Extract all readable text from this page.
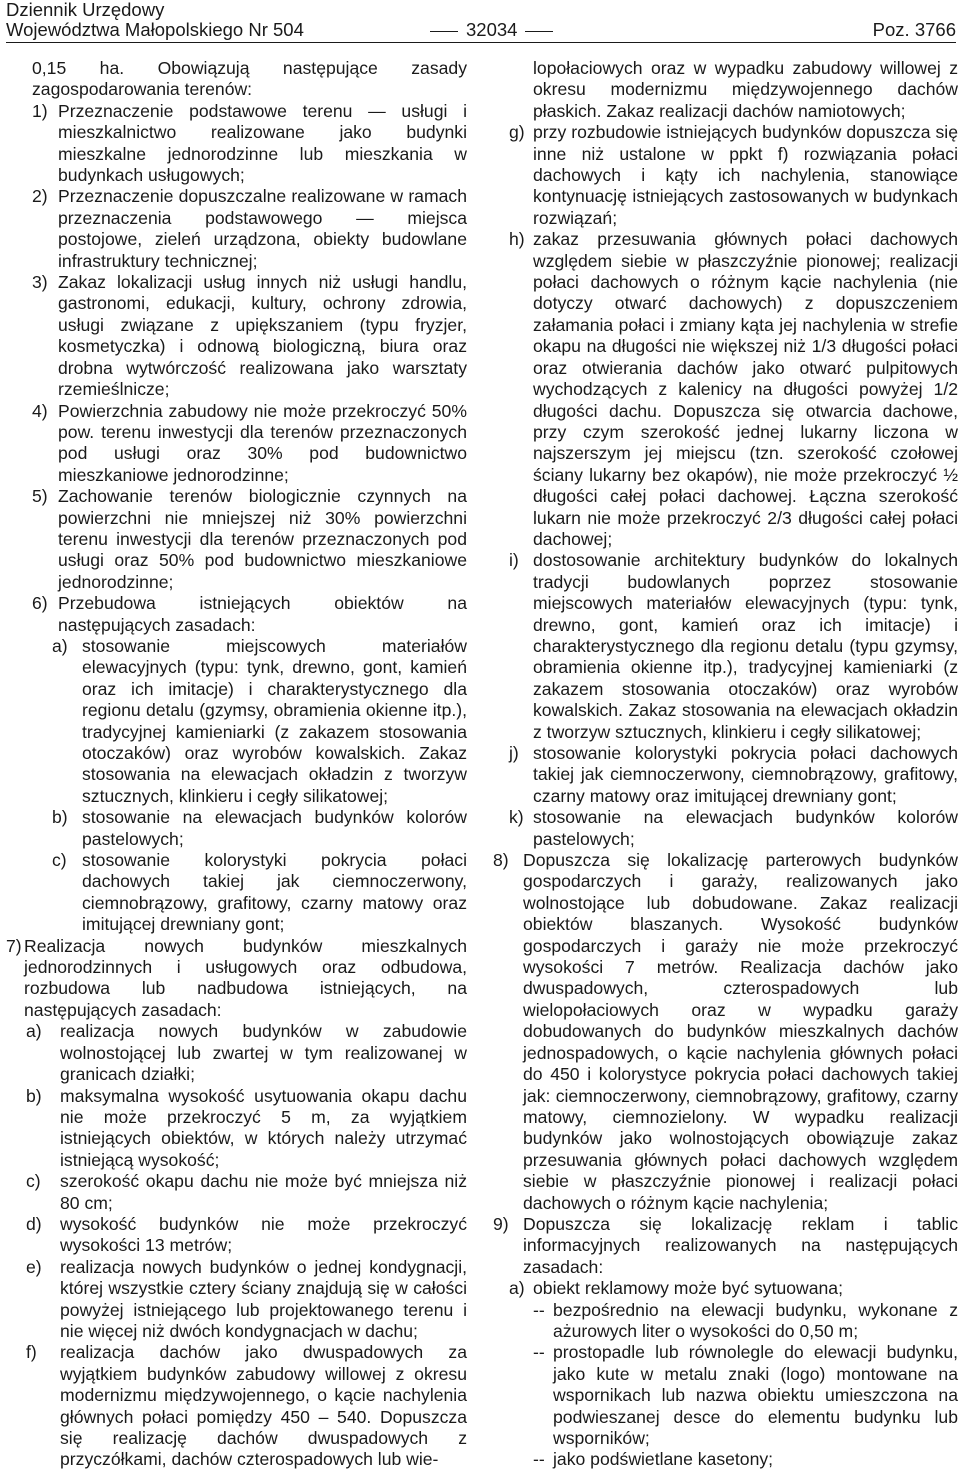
Dziennik Urzędowy
Województwa Małopolskiego Nr 504	32034	Poz. 3766

0,15 ha. Obowiązują następujące zasady zagospodarowania terenów:

1) Przeznaczenie podstawowe terenu — usługi i mieszkalnictwo realizowane jako budynki mieszkalne jednorodzinne lub mieszkania w budynkach usługowych;
2) Przeznaczenie dopuszczalne realizowane w ramach przeznaczenia podstawowego — miejsca postojowe, zieleń urządzona, obiekty budowlane infrastruktury technicznej;
3) Zakaz lokalizacji usług innych niż usługi handlu, gastronomi, edukacji, kultury, ochrony zdrowia, usługi związane z upiększaniem (typu fryzjer, kosmetyczka) i odnową biologiczną, biura oraz drobna wytwórczość realizowana jako warsztaty rzemieślnicze;
4) Powierzchnia zabudowy nie może przekroczyć 50% pow. terenu inwestycji dla terenów przeznaczonych pod usługi oraz 30% pod budownictwo mieszkaniowe jednorodzinne;
5) Zachowanie terenów biologicznie czynnych na powierzchni nie mniejszej niż 30% powierzchni terenu inwestycji dla terenów przeznaczonych pod usługi oraz 50% pod budownictwo mieszkaniowe jednorodzinne;
6) Przebudowa istniejących obiektów na następujących zasadach:
a) stosowanie miejscowych materiałów elewacyjnych (typu: tynk, drewno, gont, kamień oraz ich imitacje) i charakterystycznego dla regionu detalu (gzymsy, obramienia okienne itp.), tradycyjnej kamieniarki (z zakazem stosowania otoczaków) oraz wyrobów kowalskich. Zakaz stosowania na elewacjach okładzin z tworzyw sztucznych, klinkieru i cegły silikatowej;
b) stosowanie na elewacjach budynków kolorów pastelowych;
c) stosowanie kolorystyki pokrycia połaci dachowych takiej jak ciemnoczerwony, ciemnobrązowy, grafitowy, czarny matowy oraz imitującej drewniany gont;
7) Realizacja nowych budynków mieszkalnych jednorodzinnych i usługowych oraz odbudowa, rozbudowa lub nadbudowa istniejących, na następujących zasadach:
a)	realizacja nowych budynków w zabudowie wolnostojącej lub zwartej w tym realizowanej w granicach działki;
b)	maksymalna wysokość usytuowania okapu dachu nie może przekroczyć 5 m, za wyjątkiem istniejących obiektów, w których należy utrzymać istniejącą wysokość;
c)	szerokość okapu dachu nie może być mniejsza niż 80 cm;
d)	wysokość budynków nie może przekroczyć wysokości 13 metrów;
e)	realizacja nowych budynków o jednej kondygnacji, której wszystkie cztery ściany znajdują się w całości powyżej istniejącego lub projektowanego terenu i nie więcej niż dwóch kondygnacjach w dachu;
f)	realizacja dachów jako dwuspadowych za wyjątkiem budynków zabudowy willowej z okresu modernizmu międzywojennego, o kącie nachylenia głównych połaci pomiędzy 450 – 540. Dopuszcza się realizację dachów dwuspadowych z przyczółkami, dachów czterospadowych lub wie-

lopołaciowych oraz w wypadku zabudowy willowej z okresu modernizmu międzywojennego dachów płaskich. Zakaz realizacji dachów namiotowych;

g) przy rozbudowie istniejących budynków dopuszcza się inne niż ustalone w ppkt f) rozwiązania połaci dachowych i kąty ich nachylenia, stanowiące kontynuację istniejących zastosowanych w budynkach rozwiązań;
h) zakaz przesuwania głównych połaci dachowych względem siebie w płaszczyźnie pionowej; realizacji połaci dachowych o różnym kącie nachylenia (nie dotyczy otwarć dachowych) z dopuszczeniem załamania połaci i zmiany kąta jej nachylenia w strefie okapu na długości nie większej niż 1/3 długości połaci oraz otwierania dachów jako otwarć pulpitowych wychodzących z kalenicy na długości powyżej 1/2 długości dachu. Dopuszcza się otwarcia dachowe, przy czym szerokość jednej lukarny liczona w najszerszym jej miejscu (tzn. szerokość czołowej ściany lukarny bez okapów), nie może przekroczyć ½ długości całej połaci dachowej. Łączna szerokość lukarn nie może przekroczyć 2/3 długości całej połaci dachowej;
i) dostosowanie architektury budynków do lokalnych tradycji budowlanych poprzez stosowanie miejscowych materiałów elewacyjnych (typu: tynk, drewno, gont, kamień oraz ich imitacje) i charakterystycznego dla regionu detalu (typu gzymsy, obramienia okienne itp.), tradycyjnej kamieniarki (z zakazem stosowania otoczaków) oraz wyrobów kowalskich. Zakaz stosowania na elewacjach okładzin z tworzyw sztucznych, klinkieru i cegły silikatowej;
j) stosowanie kolorystyki pokrycia połaci dachowych takiej jak ciemnoczerwony, ciemnobrązowy, grafitowy, czarny matowy oraz imitującej drewniany gont;
k) stosowanie na elewacjach budynków kolorów pastelowych;
8) Dopuszcza się lokalizację parterowych budynków gospodarczych i garaży, realizowanych jako wolnostojące lub dobudowane. Zakaz realizacji obiektów blaszanych. Wysokość budynków gospodarczych i garaży nie może przekroczyć wysokości 7 metrów. Realizacja dachów jako dwuspadowych, czterospadowych lub wielopołaciowych oraz w wypadku garaży dobudowanych do budynków mieszkalnych dachów jednospadowych, o kącie nachylenia głównych połaci do 450 i kolorystyce pokrycia połaci dachowych takiej jak: ciemnoczerwony, ciemnobrązowy, grafitowy, czarny matowy, ciemnozielony. W wypadku realizacji budynków jako wolnostojących obowiązuje zakaz przesuwania głównych połaci dachowych względem siebie w płaszczyźnie pionowej i realizacji połaci dachowych o różnym kącie nachylenia;
9) Dopuszcza się lokalizację reklam i tablic informacyjnych realizowanych na następujących zasadach:
a) obiekt reklamowy może być sytuowana;
-- bezpośrednio na elewacji budynku, wykonane z ażurowych liter o wysokości do 0,50 m;
-- prostopadle lub równolegle do elewacji budynku, jako kute w metalu znaki (logo) montowane na wspornikach lub nazwa obiektu umieszczona na podwieszanej desce do elementu budynku lub wsporników;
-- jako podświetlane kasetony;
